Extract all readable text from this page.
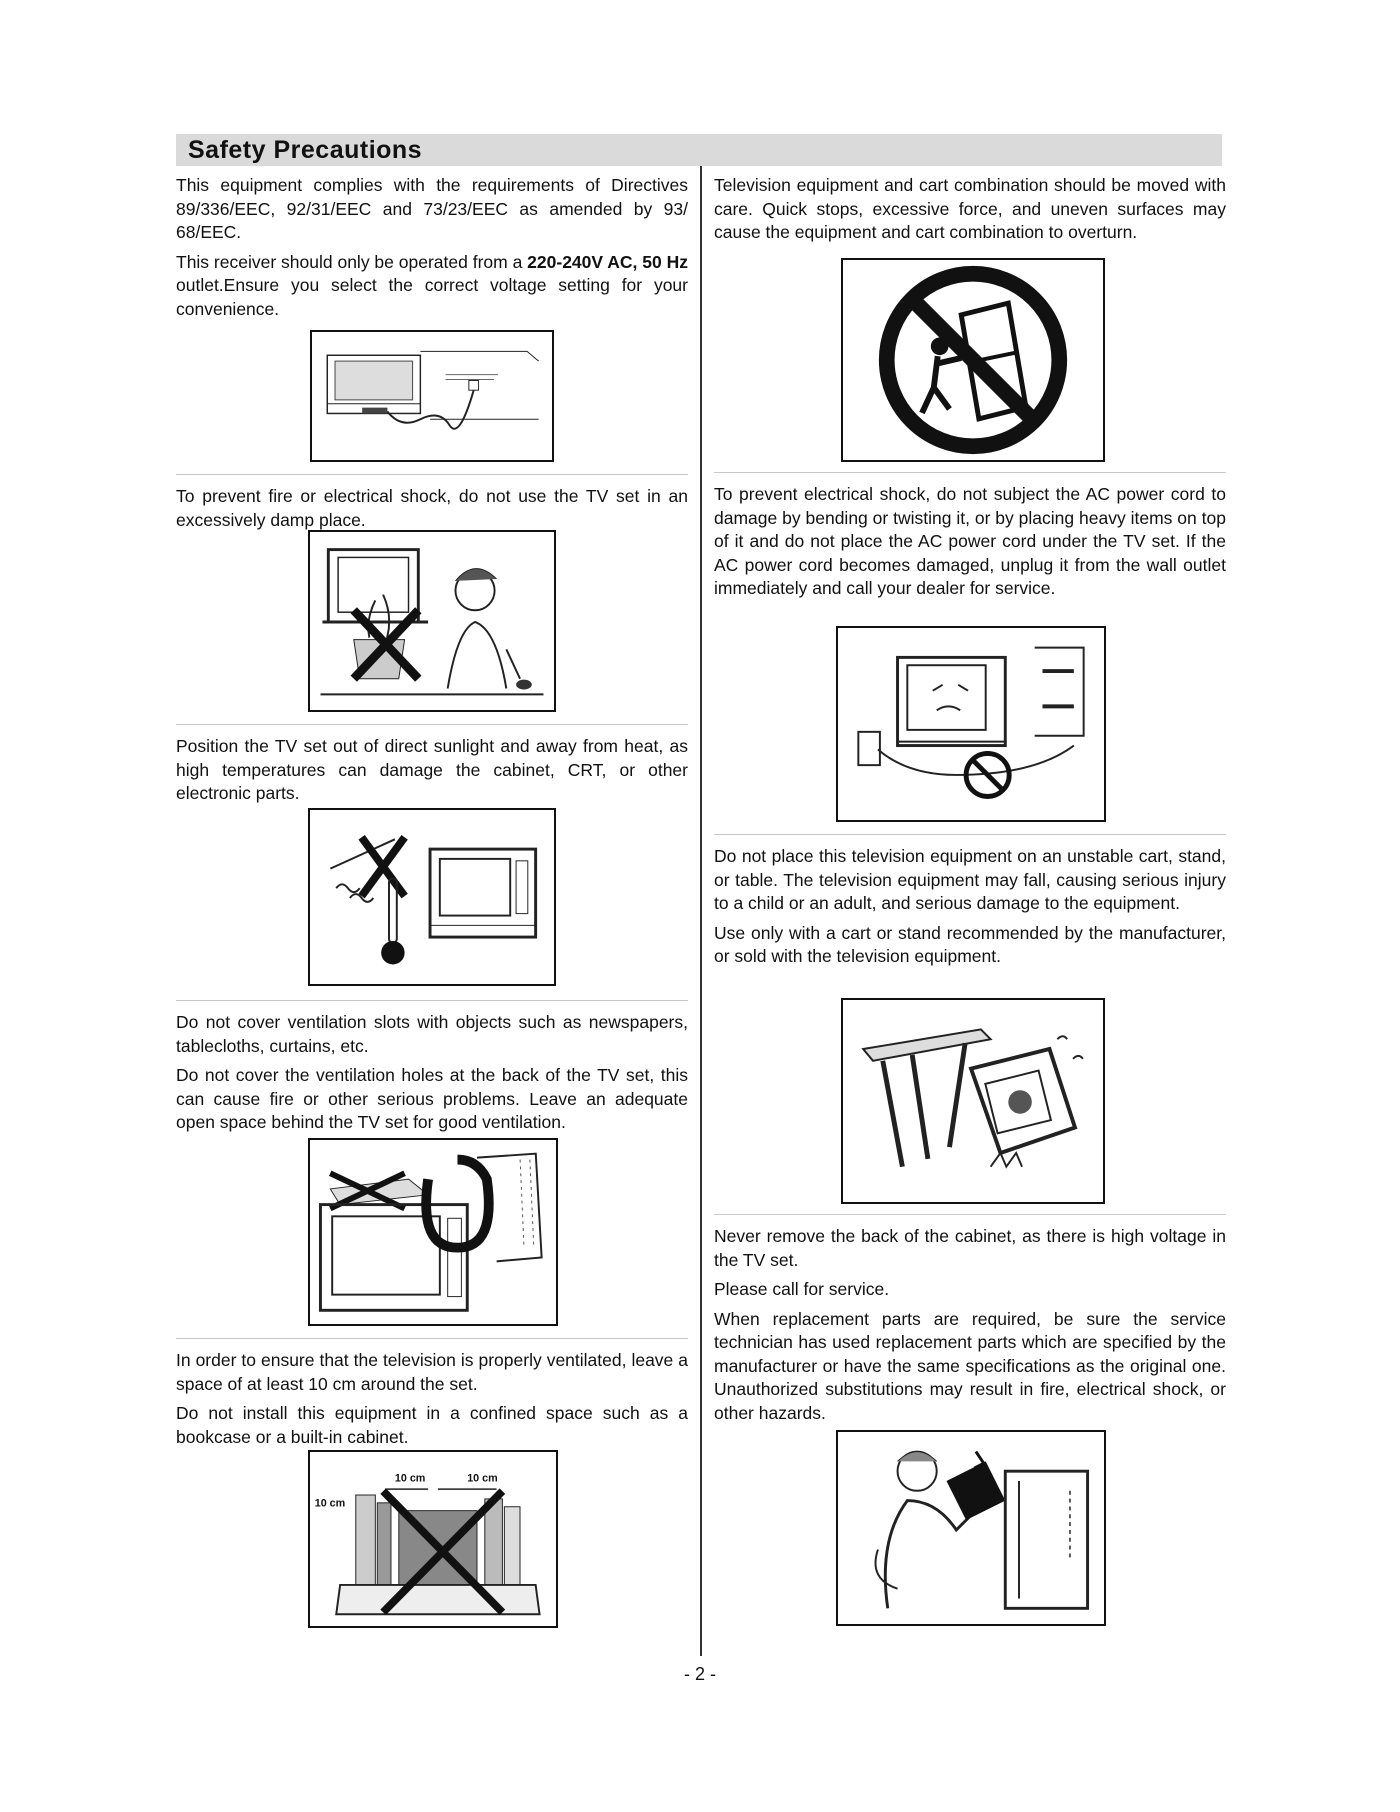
Safety Precautions

This equipment complies with the requirements of Directives 89/336/EEC, 92/31/EEC and 73/23/EEC as amended by 93/ 68/EEC.

This receiver should only be operated from a 220-240V AC, 50 Hz outlet.Ensure you select the correct voltage setting for your convenience.

To prevent fire or electrical shock, do not use the TV set in an excessively damp place.

Position the TV set out of direct sunlight and away from heat, as high temperatures can damage the cabinet, CRT, or other electronic parts.

Do not cover ventilation slots with objects such as newspapers, tablecloths, curtains, etc.

Do not cover the ventilation holes at the back of the TV set, this can cause fire or other serious problems. Leave an adequate open space behind the TV set for good ventilation.

In order to ensure that the television is properly ventilated, leave a space of at least 10 cm around the set.

Do not install this equipment in a confined space such as a bookcase or a built-in cabinet.

10 cm	10 cm
10 cm

Television equipment and cart combination should be moved with care. Quick stops, excessive force, and uneven surfaces may cause the equipment and cart combination to overturn.

To prevent electrical shock, do not subject the AC power cord to damage by bending or twisting it, or by placing heavy items on top of it and do not place the AC power cord under the TV set. If the AC power cord becomes damaged, unplug it from the wall outlet immediately and call your dealer for service.

Do not place this television equipment on an unstable cart, stand, or table. The television equipment may fall, causing serious injury to a child or an adult, and serious damage to the equipment.

Use only with a cart or stand recommended by the manufacturer, or sold with the television equipment.

Never remove the back of the cabinet, as there is high voltage in the TV set.

Please call for service.

When replacement parts are required, be sure the service technician has used replacement parts which are specified by the manufacturer or have the same specifications as the original one. Unauthorized substitutions may result in fire, electrical shock, or other hazards.

- 2 -
